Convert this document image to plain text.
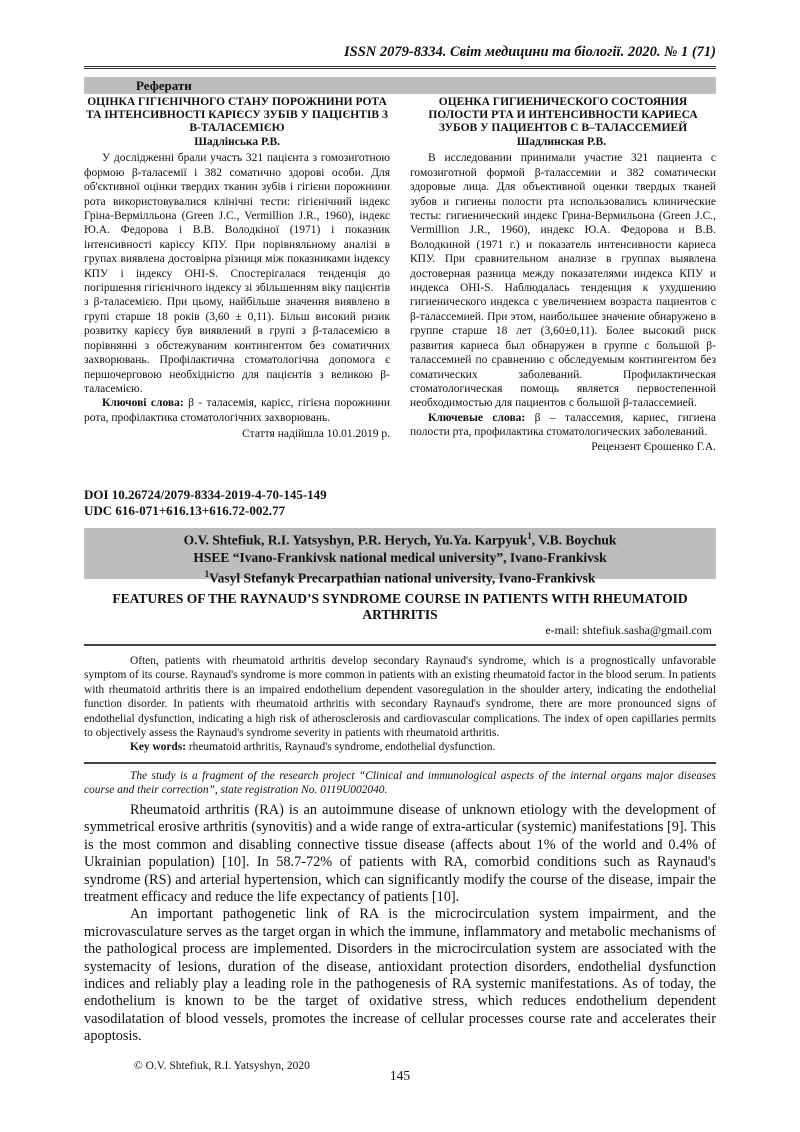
ISSN 2079-8334. Світ медицини та біології. 2020. № 1 (71)
Реферати
ОЦІНКА ГІГІЄНІЧНОГО СТАНУ ПОРОЖНИНИ РОТА ТА ІНТЕНСИВНОСТІ КАРІЄСУ ЗУБІВ У ПАЦІЄНТІВ З В-ТАЛАСЕМІЄЮ
Шадлінська Р.В.

У дослідженні брали участь 321 пацієнта з гомозиготною формою β-таласемії і 382 соматично здорові особи. Для об'єктивної оцінки твердих тканин зубів і гігієни порожнини рота використовувалися клінічні тести: гігієнічний індекс Гріна-Вермілльона (Green J.C., Vermillion J.R., 1960), індекс Ю.А. Федорова і В.В. Володкіної (1971) і показник інтенсивності карієсу КПУ. При порівняльному аналізі в групах виявлена достовірна різниця між показниками індексу КПУ і індексу ОНІ-S. Спостерігалася тенденція до погіршення гігієнічного індексу зі збільшенням віку пацієнтів з β-таласемією. При цьому, найбільше значення виявлено в групі старше 18 років (3,60 ± 0,11). Більш високий ризик розвитку карієсу був виявлений в групі з β-таласемією в порівнянні з обстежуваним контингентом без соматичних захворювань. Профілактична стоматологічна допомога є першочерговою необхідністю для пацієнтів з великою β-таласемією.

Ключові слова: β - таласемія, карієс, гігієна порожнини рота, профілактика стоматологічних захворювань.

Стаття надійшла 10.01.2019 р.
ОЦЕНКА ГИГИЕНИЧЕСКОГО СОСТОЯНИЯ ПОЛОСТИ РТА И ИНТЕНСИВНОСТИ КАРИЕСА ЗУБОВ У ПАЦИЕНТОВ С В–ТАЛАССЕМИЕЙ
Шадлинская Р.В.

В исследовании принимали участие 321 пациента с гомозиготной формой β-талассемии и 382 соматически здоровые лица. Для объективной оценки твердых тканей зубов и гигиены полости рта использовались клинические тесты: гигиенический индекс Грина-Вермильона (Green J.C., Vermillion J.R., 1960), индекс Ю.А. Федорова и В.В. Володкиной (1971 г.) и показатель интенсивности кариеса КПУ. При сравнительном анализе в группах выявлена достоверная разница между показателями индекса КПУ и индекса ОНI-S. Наблюдалась тенденция к ухудшению гигиенического индекса с увеличением возраста пациентов с β-талассемией. При этом, наибольшее значение обнаружено в группе старше 18 лет (3,60±0,11). Более высокий риск развития кариеса был обнаружен в группе с большой β-талассемией по сравнению с обследуемым контингентом без соматических заболеваний. Профилактическая стоматологическая помощь является первостепенной необходимостью для пациентов с большой β-талассемией.

Ключевые слова: β – талассемия, кариес, гигиена полости рта, профилактика стоматологических заболеваний.

Рецензент Єрошенко Г.А.
DOI 10.26724/2079-8334-2019-4-70-145-149
UDC 616-071+616.13+616.72-002.77
O.V. Shtefiuk, R.I. Yatsyshyn, P.R. Herych, Yu.Ya. Karpyuk$^1$, V.B. Boychuk
HSEE “Ivano-Frankivsk national medical university”, Ivano-Frankivsk
$^1$Vasyl Stefanyk Precarpathian national university, Ivano-Frankivsk
FEATURES OF THE RAYNAUD’S SYNDROME COURSE IN PATIENTS WITH RHEUMATOID ARTHRITIS
e-mail: shtefiuk.sasha@gmail.com

Often, patients with rheumatoid arthritis develop secondary Raynaud's syndrome, which is a prognostically unfavorable symptom of its course. Raynaud's syndrome is more common in patients with an existing rheumatoid factor in the blood serum. In patients with rheumatoid arthritis there is an impaired endothelium dependent vasoregulation in the shoulder artery, indicating the endothelial function disorder. In patients with rheumatoid arthritis with secondary Raynaud's syndrome, there are more pronounced signs of endothelial dysfunction, indicating a high risk of atherosclerosis and cardiovascular complications. The index of open capillaries permits to objectively assess the Raynaud's syndrome severity in patients with rheumatoid arthritis.

Key words: rheumatoid arthritis, Raynaud's syndrome, endothelial dysfunction.

The study is a fragment of the research project “Clinical and immunological aspects of the internal organs major diseases course and their correction”, state registration No. 0119U002040.

Rheumatoid arthritis (RA) is an autoimmune disease of unknown etiology with the development of symmetrical erosive arthritis (synovitis) and a wide range of extra-articular (systemic) manifestations [9]. This is the most common and disabling connective tissue disease (affects about 1% of the world and 0.4% of Ukrainian population) [10]. In 58.7-72% of patients with RA, comorbid conditions such as Raynaud's syndrome (RS) and arterial hypertension, which can significantly modify the course of the disease, impair the treatment efficacy and reduce the life expectancy of patients [10].

An important pathogenetic link of RA is the microcirculation system impairment, and the microvasculature serves as the target organ in which the immune, inflammatory and metabolic mechanisms of the pathological process are implemented. Disorders in the microcirculation system are associated with the systemacity of lesions, duration of the disease, antioxidant protection disorders, endothelial dysfunction indices and reliably play a leading role in the pathogenesis of RA systemic manifestations. As of today, the endothelium is known to be the target of oxidative stress, which reduces endothelium dependent vasodilatation of blood vessels, promotes the increase of cellular processes course rate and accelerates their apoptosis.

© O.V. Shtefiuk, R.I. Yatsyshyn, 2020
145
